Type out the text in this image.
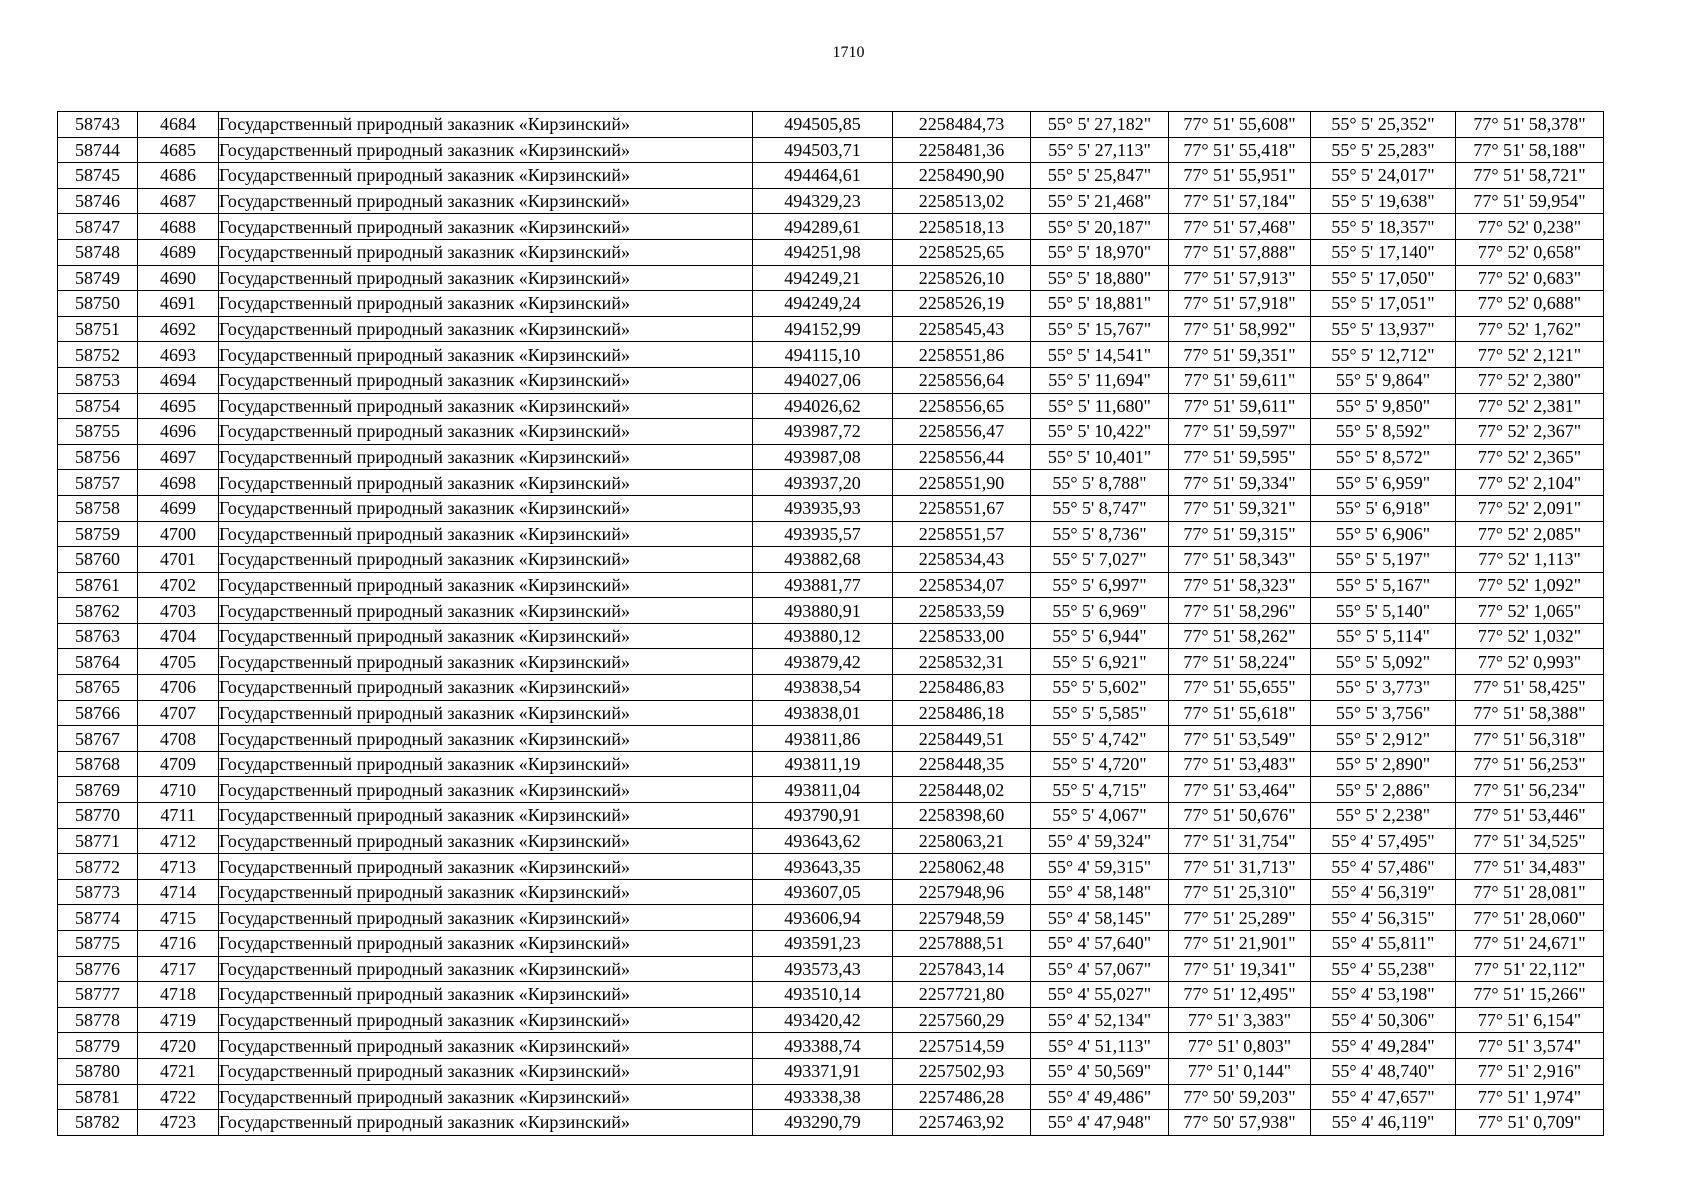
1710
58743	4684	Государственный природный заказник «Кирзинский»	494505,85	2258484,73	55° 5' 27,182"	77° 51' 55,608"	55° 5' 25,352"	77° 51' 58,378"
58744	4685	Государственный природный заказник «Кирзинский»	494503,71	2258481,36	55° 5' 27,113"	77° 51' 55,418"	55° 5' 25,283"	77° 51' 58,188"
58745	4686	Государственный природный заказник «Кирзинский»	494464,61	2258490,90	55° 5' 25,847"	77° 51' 55,951"	55° 5' 24,017"	77° 51' 58,721"
58746	4687	Государственный природный заказник «Кирзинский»	494329,23	2258513,02	55° 5' 21,468"	77° 51' 57,184"	55° 5' 19,638"	77° 51' 59,954"
58747	4688	Государственный природный заказник «Кирзинский»	494289,61	2258518,13	55° 5' 20,187"	77° 51' 57,468"	55° 5' 18,357"	77° 52' 0,238"
58748	4689	Государственный природный заказник «Кирзинский»	494251,98	2258525,65	55° 5' 18,970"	77° 51' 57,888"	55° 5' 17,140"	77° 52' 0,658"
58749	4690	Государственный природный заказник «Кирзинский»	494249,21	2258526,10	55° 5' 18,880"	77° 51' 57,913"	55° 5' 17,050"	77° 52' 0,683"
58750	4691	Государственный природный заказник «Кирзинский»	494249,24	2258526,19	55° 5' 18,881"	77° 51' 57,918"	55° 5' 17,051"	77° 52' 0,688"
58751	4692	Государственный природный заказник «Кирзинский»	494152,99	2258545,43	55° 5' 15,767"	77° 51' 58,992"	55° 5' 13,937"	77° 52' 1,762"
58752	4693	Государственный природный заказник «Кирзинский»	494115,10	2258551,86	55° 5' 14,541"	77° 51' 59,351"	55° 5' 12,712"	77° 52' 2,121"
58753	4694	Государственный природный заказник «Кирзинский»	494027,06	2258556,64	55° 5' 11,694"	77° 51' 59,611"	55° 5' 9,864"	77° 52' 2,380"
58754	4695	Государственный природный заказник «Кирзинский»	494026,62	2258556,65	55° 5' 11,680"	77° 51' 59,611"	55° 5' 9,850"	77° 52' 2,381"
58755	4696	Государственный природный заказник «Кирзинский»	493987,72	2258556,47	55° 5' 10,422"	77° 51' 59,597"	55° 5' 8,592"	77° 52' 2,367"
58756	4697	Государственный природный заказник «Кирзинский»	493987,08	2258556,44	55° 5' 10,401"	77° 51' 59,595"	55° 5' 8,572"	77° 52' 2,365"
58757	4698	Государственный природный заказник «Кирзинский»	493937,20	2258551,90	55° 5' 8,788"	77° 51' 59,334"	55° 5' 6,959"	77° 52' 2,104"
58758	4699	Государственный природный заказник «Кирзинский»	493935,93	2258551,67	55° 5' 8,747"	77° 51' 59,321"	55° 5' 6,918"	77° 52' 2,091"
58759	4700	Государственный природный заказник «Кирзинский»	493935,57	2258551,57	55° 5' 8,736"	77° 51' 59,315"	55° 5' 6,906"	77° 52' 2,085"
58760	4701	Государственный природный заказник «Кирзинский»	493882,68	2258534,43	55° 5' 7,027"	77° 51' 58,343"	55° 5' 5,197"	77° 52' 1,113"
58761	4702	Государственный природный заказник «Кирзинский»	493881,77	2258534,07	55° 5' 6,997"	77° 51' 58,323"	55° 5' 5,167"	77° 52' 1,092"
58762	4703	Государственный природный заказник «Кирзинский»	493880,91	2258533,59	55° 5' 6,969"	77° 51' 58,296"	55° 5' 5,140"	77° 52' 1,065"
58763	4704	Государственный природный заказник «Кирзинский»	493880,12	2258533,00	55° 5' 6,944"	77° 51' 58,262"	55° 5' 5,114"	77° 52' 1,032"
58764	4705	Государственный природный заказник «Кирзинский»	493879,42	2258532,31	55° 5' 6,921"	77° 51' 58,224"	55° 5' 5,092"	77° 52' 0,993"
58765	4706	Государственный природный заказник «Кирзинский»	493838,54	2258486,83	55° 5' 5,602"	77° 51' 55,655"	55° 5' 3,773"	77° 51' 58,425"
58766	4707	Государственный природный заказник «Кирзинский»	493838,01	2258486,18	55° 5' 5,585"	77° 51' 55,618"	55° 5' 3,756"	77° 51' 58,388"
58767	4708	Государственный природный заказник «Кирзинский»	493811,86	2258449,51	55° 5' 4,742"	77° 51' 53,549"	55° 5' 2,912"	77° 51' 56,318"
58768	4709	Государственный природный заказник «Кирзинский»	493811,19	2258448,35	55° 5' 4,720"	77° 51' 53,483"	55° 5' 2,890"	77° 51' 56,253"
58769	4710	Государственный природный заказник «Кирзинский»	493811,04	2258448,02	55° 5' 4,715"	77° 51' 53,464"	55° 5' 2,886"	77° 51' 56,234"
58770	4711	Государственный природный заказник «Кирзинский»	493790,91	2258398,60	55° 5' 4,067"	77° 51' 50,676"	55° 5' 2,238"	77° 51' 53,446"
58771	4712	Государственный природный заказник «Кирзинский»	493643,62	2258063,21	55° 4' 59,324"	77° 51' 31,754"	55° 4' 57,495"	77° 51' 34,525"
58772	4713	Государственный природный заказник «Кирзинский»	493643,35	2258062,48	55° 4' 59,315"	77° 51' 31,713"	55° 4' 57,486"	77° 51' 34,483"
58773	4714	Государственный природный заказник «Кирзинский»	493607,05	2257948,96	55° 4' 58,148"	77° 51' 25,310"	55° 4' 56,319"	77° 51' 28,081"
58774	4715	Государственный природный заказник «Кирзинский»	493606,94	2257948,59	55° 4' 58,145"	77° 51' 25,289"	55° 4' 56,315"	77° 51' 28,060"
58775	4716	Государственный природный заказник «Кирзинский»	493591,23	2257888,51	55° 4' 57,640"	77° 51' 21,901"	55° 4' 55,811"	77° 51' 24,671"
58776	4717	Государственный природный заказник «Кирзинский»	493573,43	2257843,14	55° 4' 57,067"	77° 51' 19,341"	55° 4' 55,238"	77° 51' 22,112"
58777	4718	Государственный природный заказник «Кирзинский»	493510,14	2257721,80	55° 4' 55,027"	77° 51' 12,495"	55° 4' 53,198"	77° 51' 15,266"
58778	4719	Государственный природный заказник «Кирзинский»	493420,42	2257560,29	55° 4' 52,134"	77° 51' 3,383"	55° 4' 50,306"	77° 51' 6,154"
58779	4720	Государственный природный заказник «Кирзинский»	493388,74	2257514,59	55° 4' 51,113"	77° 51' 0,803"	55° 4' 49,284"	77° 51' 3,574"
58780	4721	Государственный природный заказник «Кирзинский»	493371,91	2257502,93	55° 4' 50,569"	77° 51' 0,144"	55° 4' 48,740"	77° 51' 2,916"
58781	4722	Государственный природный заказник «Кирзинский»	493338,38	2257486,28	55° 4' 49,486"	77° 50' 59,203"	55° 4' 47,657"	77° 51' 1,974"
58782	4723	Государственный природный заказник «Кирзинский»	493290,79	2257463,92	55° 4' 47,948"	77° 50' 57,938"	55° 4' 46,119"	77° 51' 0,709"
